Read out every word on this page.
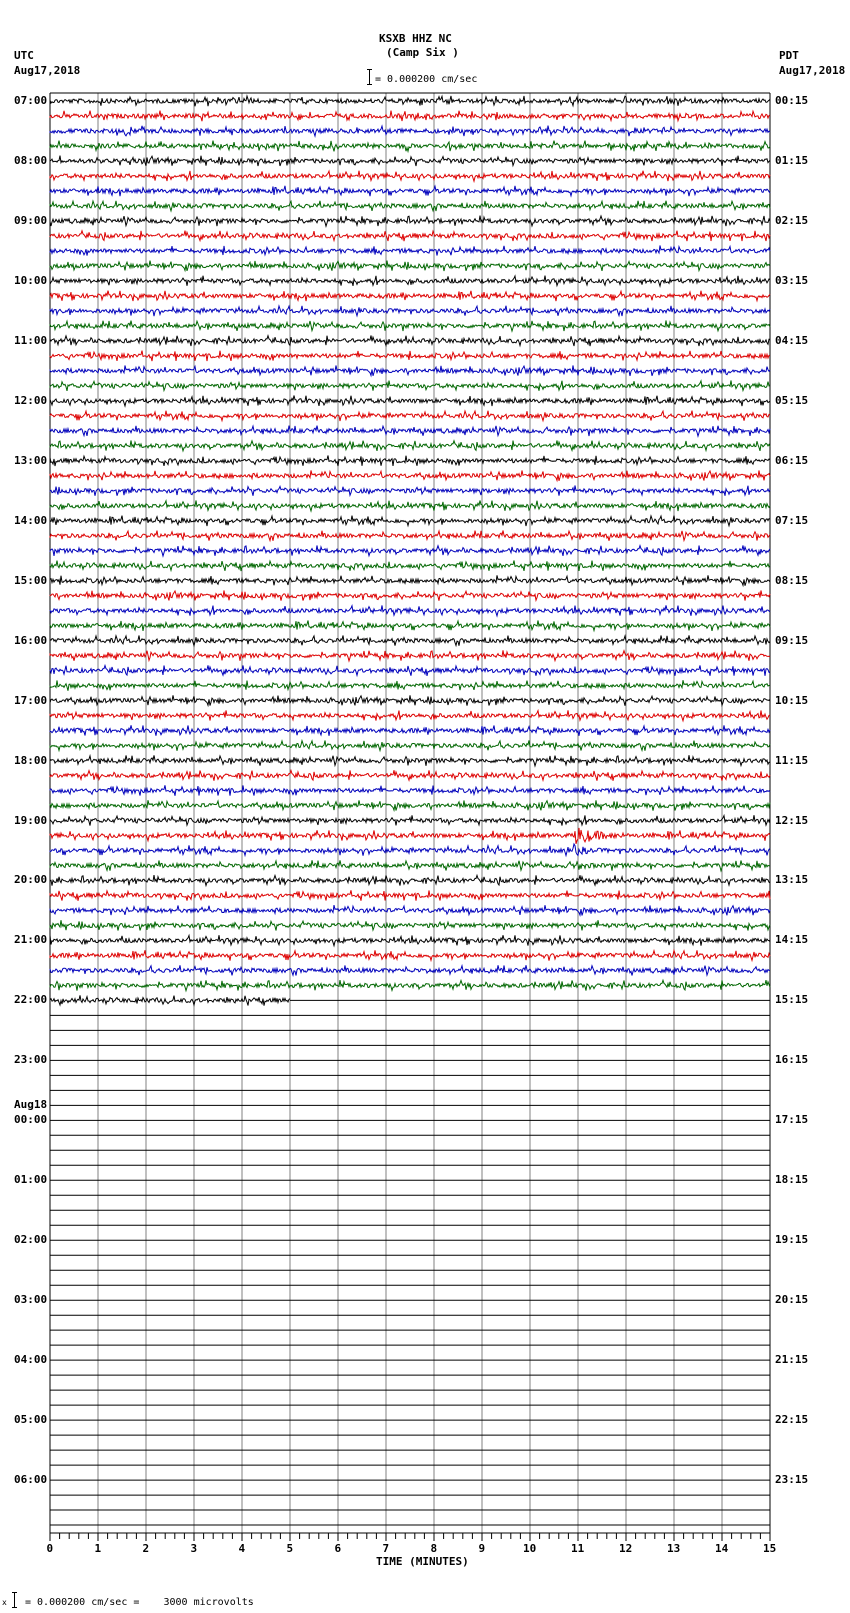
KSXB HHZ NC
(Camp Six )
= 0.000200 cm/sec
UTC
Aug17,2018
PDT
Aug17,2018
07:00
08:00
09:00
10:00
11:00
12:00
13:00
14:00
15:00
16:00
17:00
18:00
19:00
20:00
21:00
22:00
23:00
Aug18
00:00
01:00
02:00
03:00
04:00
05:00
06:00
00:15
01:15
02:15
03:15
04:15
05:15
06:15
07:15
08:15
09:15
10:15
11:15
12:15
13:15
14:15
15:15
16:15
17:15
18:15
19:15
20:15
21:15
22:15
23:15
0	1	2	3	4	5	6	7	8	9	10	11	12	13	14	15
TIME (MINUTES)
x = 0.000200 cm/sec =    3000 microvolts
